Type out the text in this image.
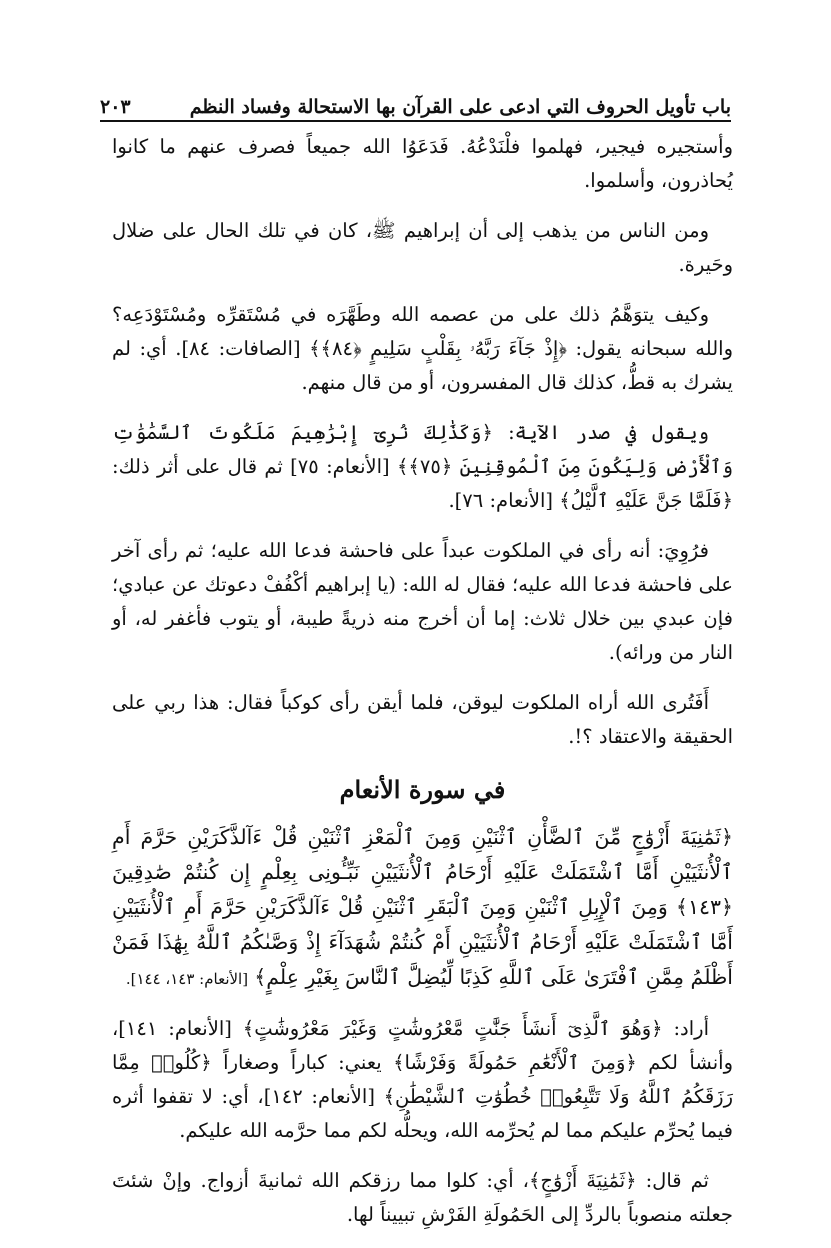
باب تأويل الحروف التي ادعى على القرآن بها الاستحالة وفساد النظم
٢٠٣

وأستجيره فيجير، فهلموا فلْنَدْعُهُ. فَدَعَوُا الله جميعاً فصرف عنهم ما كانوا يُحاذرون، وأسلموا.

ومن الناس من يذهب إلى أن إبراهيم ﷺ، كان في تلك الحال على ضلال وحَيرة.

وكيف يتوَهَّمُ ذلك على من عصمه الله وطَهَّرَه في مُسْتَقرِّه ومُسْتَوْدَعِه؟ والله سبحانه يقول: ﴿إِذْ جَآءَ رَبَّهُۥ بِقَلْبٍ سَلِيمٍ ﴿٨٤﴾﴾ [الصافات: ٨٤]. أي: لم يشرك به قطُّ، كذلك قال المفسرون، أو من قال منهم.

ويقول في صدر الآية: ﴿وَكَذَٰلِكَ نُرِىٓ إِبْرَٰهِيمَ مَلَكُوتَ ٱلسَّمَٰوَٰتِ وَٱلْأَرْضِ وَلِيَكُونَ مِنَ ٱلْمُوقِنِينَ ﴿٧٥﴾﴾ [الأنعام: ٧٥] ثم قال على أثر ذلك: ﴿فَلَمَّا جَنَّ عَلَيْهِ ٱلَّيْلُ﴾ [الأنعام: ٧٦].

فرُوِيَ: أنه رأى في الملكوت عبداً على فاحشة فدعا الله عليه؛ ثم رأى آخر على فاحشة فدعا الله عليه؛ فقال له الله: (يا إبراهيم أكْفُفْ دعوتك عن عبادي؛ فإن عبدي بين خلال ثلاث: إما أن أخرج منه ذريةً طيبة، أو يتوب فأغفر له، أو النار من ورائه).

أَفَتُرى الله أراه الملكوت ليوقن، فلما أيقن رأى كوكباً فقال: هذا ربي على الحقيقة والاعتقاد ؟!.

في سورة الأنعام

﴿ثَمَٰنِيَةَ أَزْوَٰجٍ مِّنَ ٱلضَّأْنِ ٱثْنَيْنِ وَمِنَ ٱلْمَعْزِ ٱثْنَيْنِ قُلْ ءَآلذَّكَرَيْنِ حَرَّمَ أَمِ ٱلْأُنثَيَيْنِ أَمَّا ٱشْتَمَلَتْ عَلَيْهِ أَرْحَامُ ٱلْأُنثَيَيْنِ نَبِّـُٔونِى بِعِلْمٍ إِن كُنتُمْ صَٰدِقِينَ ﴿١٤٣﴾ وَمِنَ ٱلْإِبِلِ ٱثْنَيْنِ وَمِنَ ٱلْبَقَرِ ٱثْنَيْنِ قُلْ ءَآلذَّكَرَيْنِ حَرَّمَ أَمِ ٱلْأُنثَيَيْنِ أَمَّا ٱشْتَمَلَتْ عَلَيْهِ أَرْحَامُ ٱلْأُنثَيَيْنِ أَمْ كُنتُمْ شُهَدَآءَ إِذْ وَصَّىٰكُمُ ٱللَّهُ بِهَٰذَا فَمَنْ أَظْلَمُ مِمَّنِ ٱفْتَرَىٰ عَلَى ٱللَّهِ كَذِبًا لِّيُضِلَّ ٱلنَّاسَ بِغَيْرِ عِلْمٍ﴾ [الأنعام: ١٤٣، ١٤٤].

أراد: ﴿وَهُوَ ٱلَّذِىٓ أَنشَأَ جَنَّٰتٍ مَّعْرُوشَٰتٍ وَغَيْرَ مَعْرُوشَٰتٍ﴾ [الأنعام: ١٤١]، وأنشأ لكم ﴿وَمِنَ ٱلْأَنْعَٰمِ حَمُولَةً وَفَرْشًا﴾ يعني: كباراً وصغاراً ﴿كُلُوا۟ مِمَّا رَزَقَكُمُ ٱللَّهُ وَلَا تَتَّبِعُوا۟ خُطُوَٰتِ ٱلشَّيْطَٰنِ﴾ [الأنعام: ١٤٢]، أي: لا تقفوا أثره فيما يُحرِّم عليكم مما لم يُحرِّمه الله، ويحلُّه لكم مما حرَّمه الله عليكم.

ثم قال: ﴿ثَمَٰنِيَةَ أَزْوَٰجٍ﴾، أي: كلوا مما رزقكم الله ثمانيةَ أزواج. وإنْ شئتَ جعلته منصوباً بالردِّ إلى الحَمُولَةِ الفَرْشِ تبييناً لها.
